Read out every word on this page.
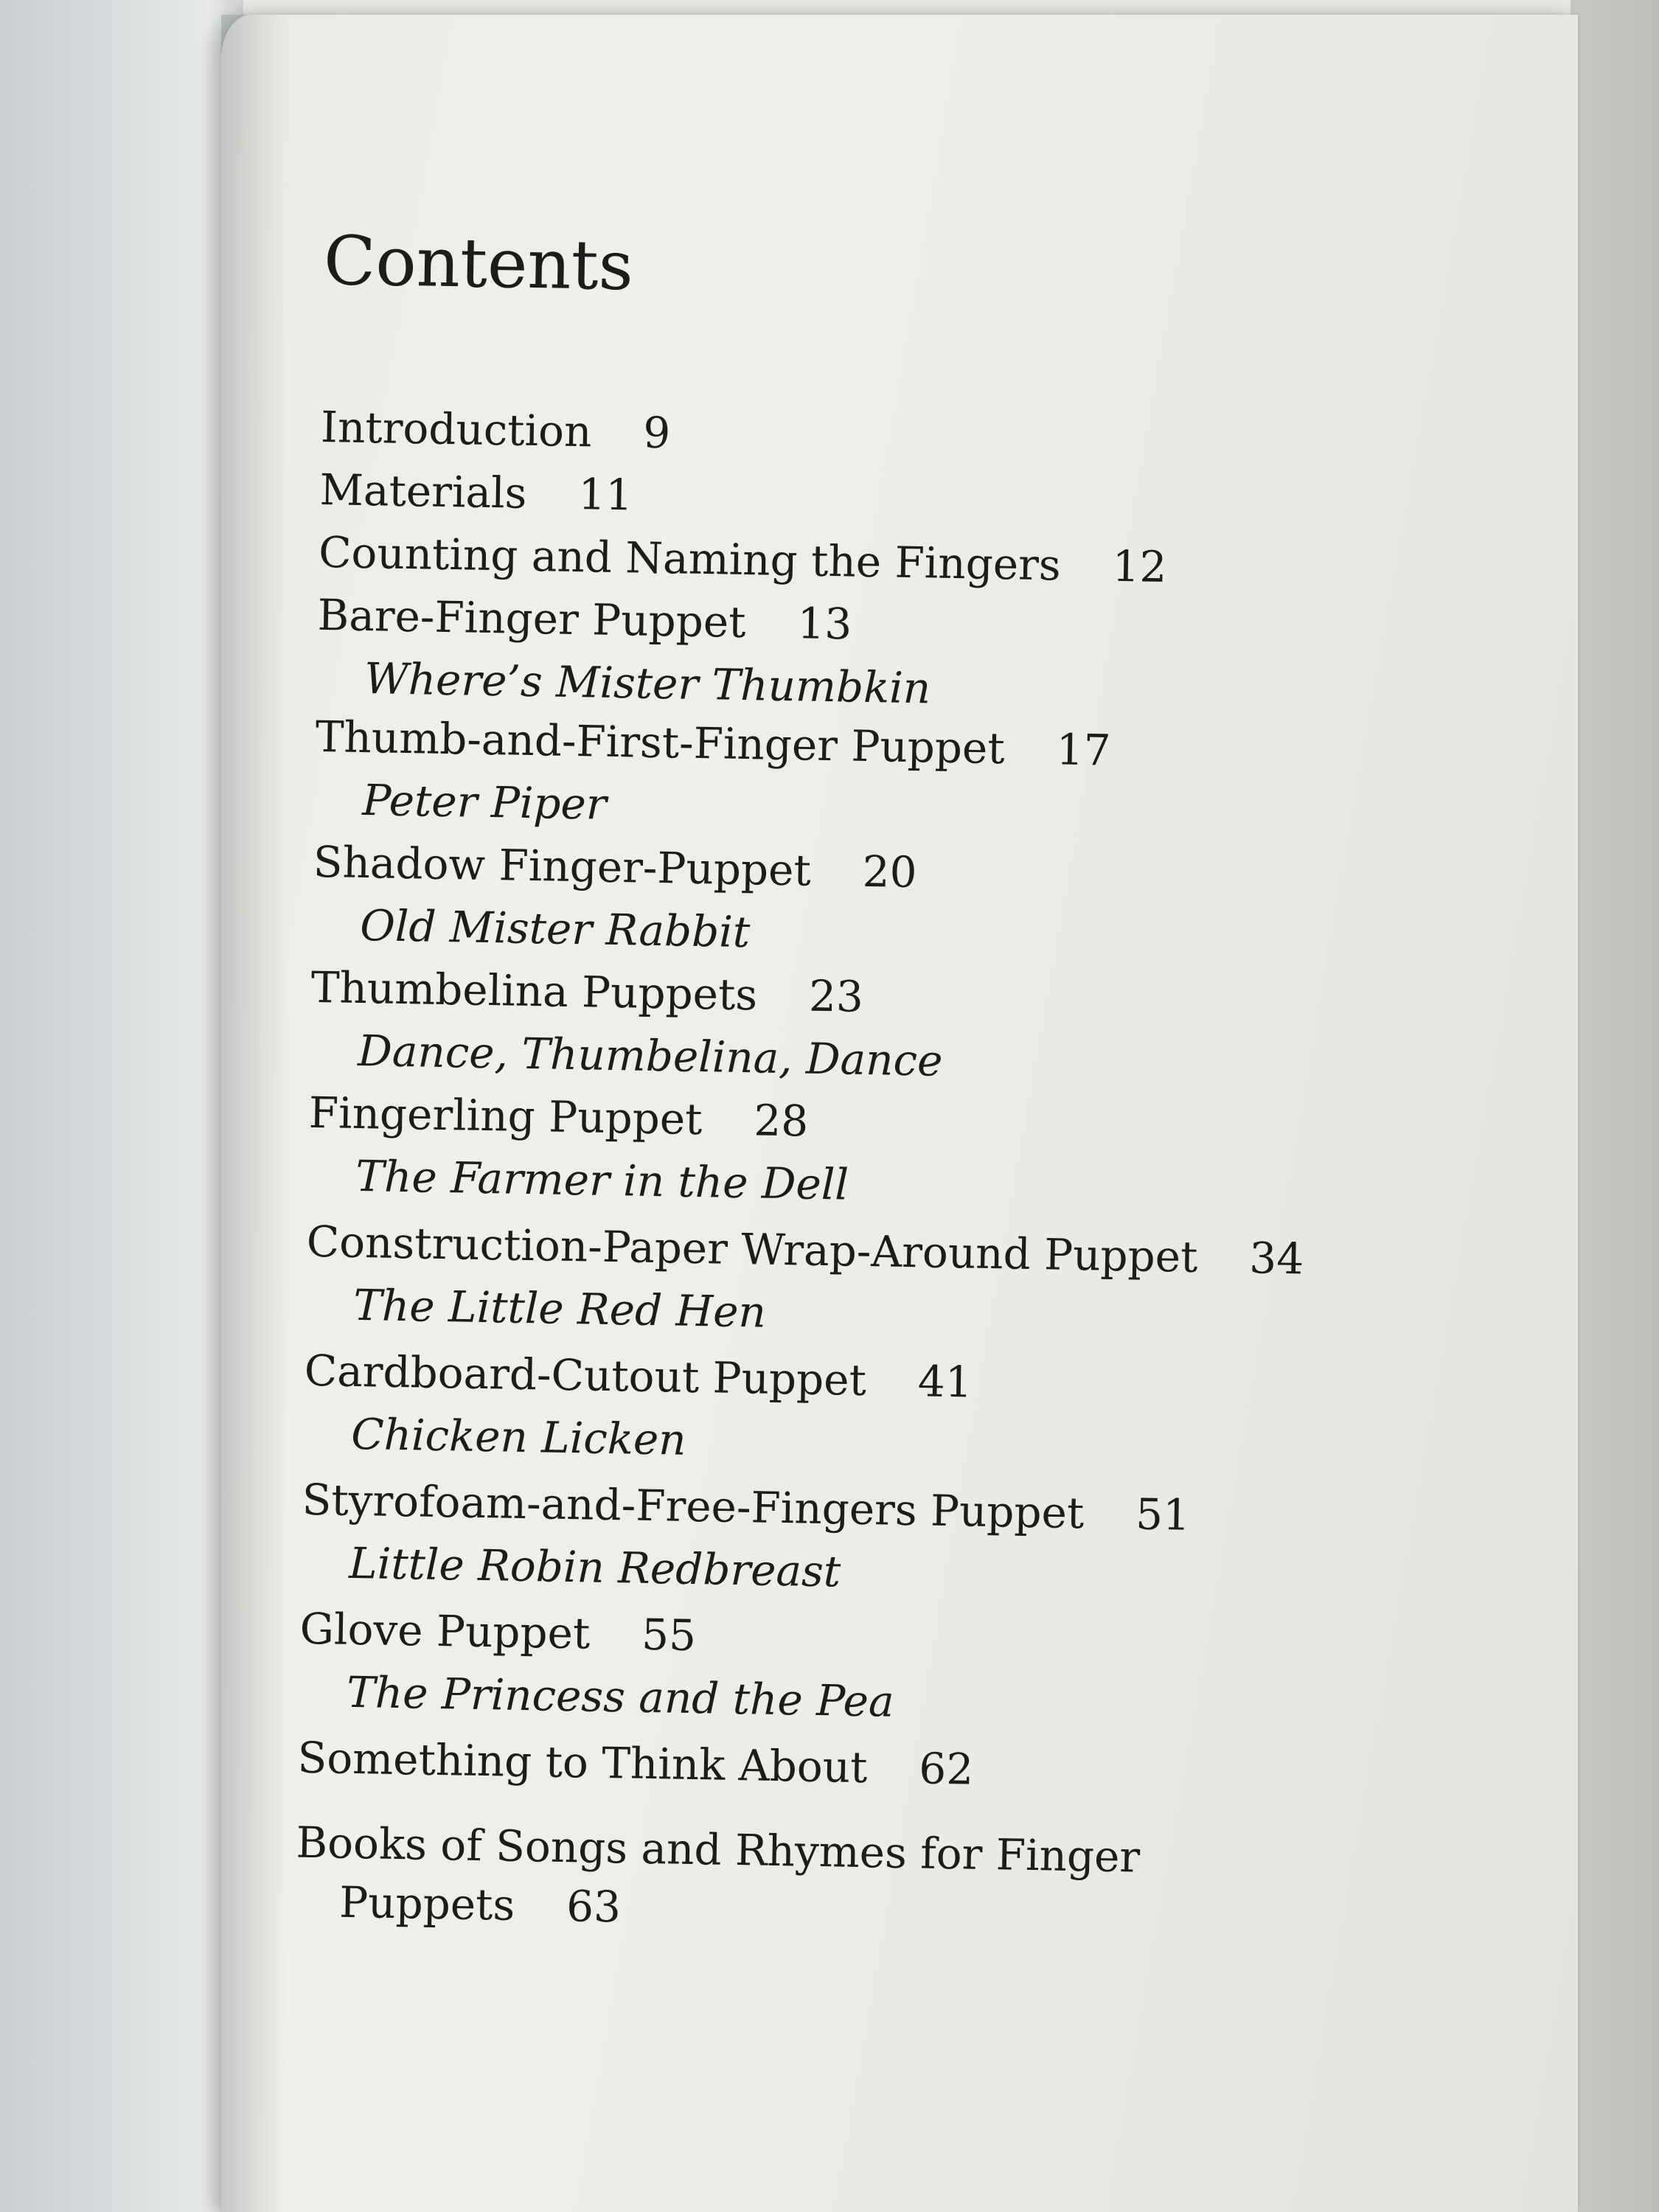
Contents
Introduction 9
Materials 11
Counting and Naming the Fingers 12
Bare-Finger Puppet 13
Where’s Mister Thumbkin
Thumb-and-First-Finger Puppet 17
Peter Piper
Shadow Finger-Puppet 20
Old Mister Rabbit
Thumbelina Puppets 23
Dance, Thumbelina, Dance
Fingerling Puppet 28
The Farmer in the Dell
Construction-Paper Wrap-Around Puppet 34
The Little Red Hen
Cardboard-Cutout Puppet 41
Chicken Licken
Styrofoam-and-Free-Fingers Puppet 51
Little Robin Redbreast
Glove Puppet 55
The Princess and the Pea
Something to Think About 62
Books of Songs and Rhymes for Finger
Puppets 63
